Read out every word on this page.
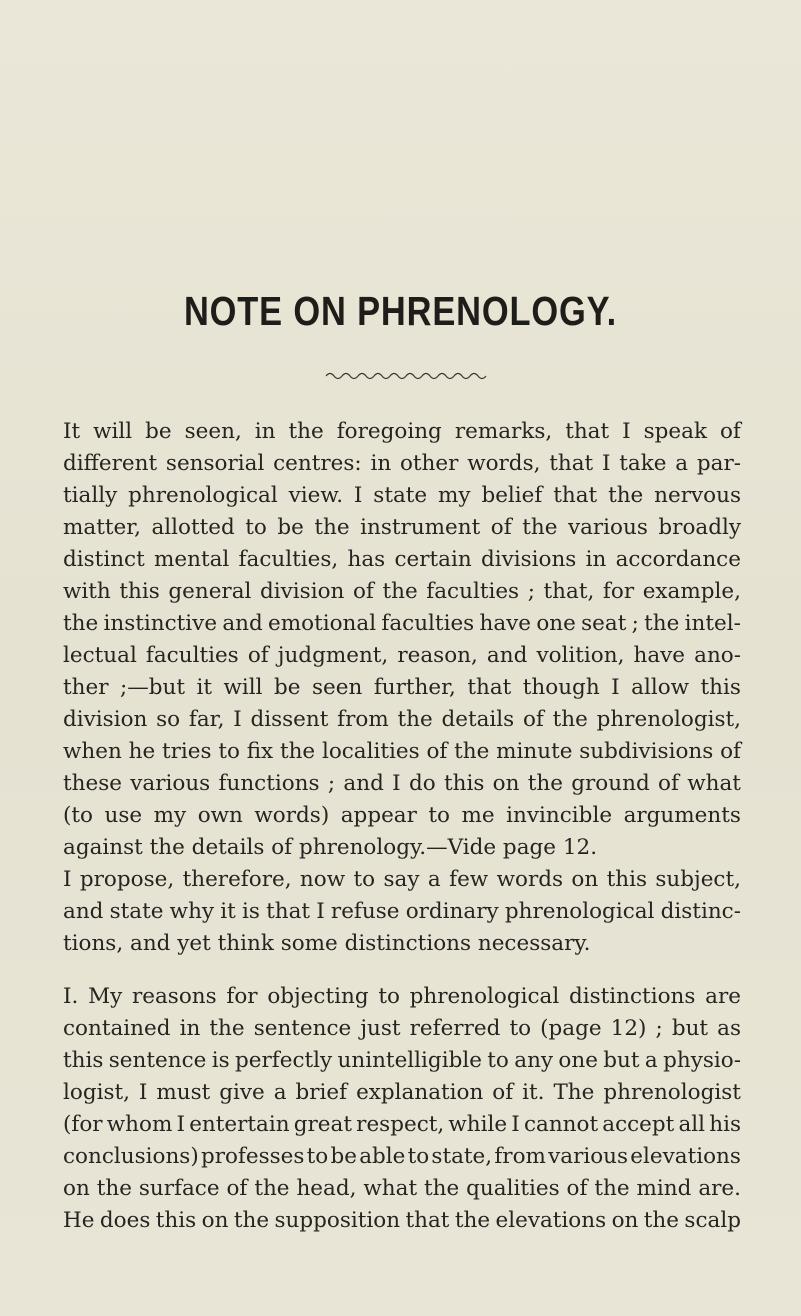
NOTE ON PHRENOLOGY.
It will be seen, in the foregoing remarks, that I speak of
different sensorial centres: in other words, that I take a par-
tially phrenological view. I state my belief that the nervous
matter, allotted to be the instrument of the various broadly
distinct mental faculties, has certain divisions in accordance
with this general division of the faculties ; that, for example,
the instinctive and emotional faculties have one seat ; the intel-
lectual faculties of judgment, reason, and volition, have ano-
ther ;—but it will be seen further, that though I allow this
division so far, I dissent from the details of the phrenologist,
when he tries to fix the localities of the minute subdivisions of
these various functions ; and I do this on the ground of what
(to use my own words) appear to me invincible arguments
against the details of phrenology.—Vide page 12.
I propose, therefore, now to say a few words on this subject,
and state why it is that I refuse ordinary phrenological distinc-
tions, and yet think some distinctions necessary.
I. My reasons for objecting to phrenological distinctions are
contained in the sentence just referred to (page 12) ; but as
this sentence is perfectly unintelligible to any one but a physio-
logist, I must give a brief explanation of it. The phrenologist
(for whom I entertain great respect, while I cannot accept all his
conclusions) professes to be able to state, from various elevations
on the surface of the head, what the qualities of the mind are.
He does this on the supposition that the elevations on the scalp
